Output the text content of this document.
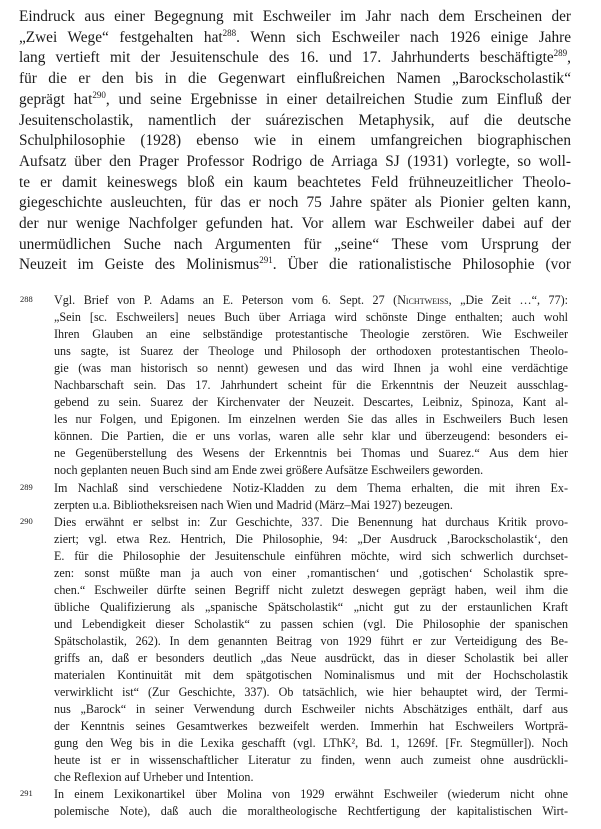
Eindruck aus einer Begegnung mit Eschweiler im Jahr nach dem Erscheinen der
„Zwei Wege“ festgehalten hat$^{288}$. Wenn sich Eschweiler nach 1926 einige Jahre
lang vertieft mit der Jesuitenschule des 16. und 17. Jahrhunderts beschäftigte$^{289}$,
für die er den bis in die Gegenwart einflußreichen Namen „Barockscholastik“
geprägt hat$^{290}$, und seine Ergebnisse in einer detailreichen Studie zum Einfluß der
Jesuitenscholastik, namentlich der suárezischen Metaphysik, auf die deutsche
Schulphilosophie (1928) ebenso wie in einem umfangreichen biographischen
Aufsatz über den Prager Professor Rodrigo de Arriaga SJ (1931) vorlegte, so woll-
te er damit keineswegs bloß ein kaum beachtetes Feld frühneuzeitlicher Theolo-
giegeschichte ausleuchten, für das er noch 75 Jahre später als Pionier gelten kann,
der nur wenige Nachfolger gefunden hat. Vor allem war Eschweiler dabei auf der
unermüdlichen Suche nach Argumenten für „seine“ These vom Ursprung der
Neuzeit im Geiste des Molinismus$^{291}$. Über die rationalistische Philosophie (vor
288	Vgl. Brief von P. Adams an E. Peterson vom 6. Sept. 27 (Nichtweiss, „Die Zeit …“, 77):
„Sein [sc. Eschweilers] neues Buch über Arriaga wird schönste Dinge enthalten; auch wohl
Ihren Glauben an eine selbständige protestantische Theologie zerstören. Wie Eschweiler
uns sagte, ist Suarez der Theologe und Philosoph der orthodoxen protestantischen Theolo-
gie (was man historisch so nennt) gewesen und das wird Ihnen ja wohl eine verdächtige
Nachbarschaft sein. Das 17. Jahrhundert scheint für die Erkenntnis der Neuzeit ausschlag-
gebend zu sein. Suarez der Kirchenvater der Neuzeit. Descartes, Leibniz, Spinoza, Kant al-
les nur Folgen, und Epigonen. Im einzelnen werden Sie das alles in Eschweilers Buch lesen
können. Die Partien, die er uns vorlas, waren alle sehr klar und überzeugend: besonders ei-
ne Gegenüberstellung des Wesens der Erkenntnis bei Thomas und Suarez.“ Aus dem hier
noch geplanten neuen Buch sind am Ende zwei größere Aufsätze Eschweilers geworden.
289	Im Nachlaß sind verschiedene Notiz-Kladden zu dem Thema erhalten, die mit ihren Ex-
zerpten u.a. Bibliotheksreisen nach Wien und Madrid (März–Mai 1927) bezeugen.
290	Dies erwähnt er selbst in: Zur Geschichte, 337. Die Benennung hat durchaus Kritik provo-
ziert; vgl. etwa Rez. Hentrich, Die Philosophie, 94: „Der Ausdruck ‚Barockscholastik‘, den
E. für die Philosophie der Jesuitenschule einführen möchte, wird sich schwerlich durchset-
zen: sonst müßte man ja auch von einer ‚romantischen‘ und ‚gotischen‘ Scholastik spre-
chen.“ Eschweiler dürfte seinen Begriff nicht zuletzt deswegen geprägt haben, weil ihm die
übliche Qualifizierung als „spanische Spätscholastik“ „nicht gut zu der erstaunlichen Kraft
und Lebendigkeit dieser Scholastik“ zu passen schien (vgl. Die Philosophie der spanischen
Spätscholastik, 262). In dem genannten Beitrag von 1929 führt er zur Verteidigung des Be-
griffs an, daß er besonders deutlich „das Neue ausdrückt, das in dieser Scholastik bei aller
materialen Kontinuität mit dem spätgotischen Nominalismus und mit der Hochscholastik
verwirklicht ist“ (Zur Geschichte, 337). Ob tatsächlich, wie hier behauptet wird, der Termi-
nus „Barock“ in seiner Verwendung durch Eschweiler nichts Abschätziges enthält, darf aus
der Kenntnis seines Gesamtwerkes bezweifelt werden. Immerhin hat Eschweilers Wortprä-
gung den Weg bis in die Lexika geschafft (vgl. LThK², Bd. 1, 1269f. [Fr. Stegmüller]). Noch
heute ist er in wissenschaftlicher Literatur zu finden, wenn auch zumeist ohne ausdrückli-
che Reflexion auf Urheber und Intention.
291	In einem Lexikonartikel über Molina von 1929 erwähnt Eschweiler (wiederum nicht ohne
polemische Note), daß auch die moraltheologische Rechtfertigung der kapitalistischen Wirt-
